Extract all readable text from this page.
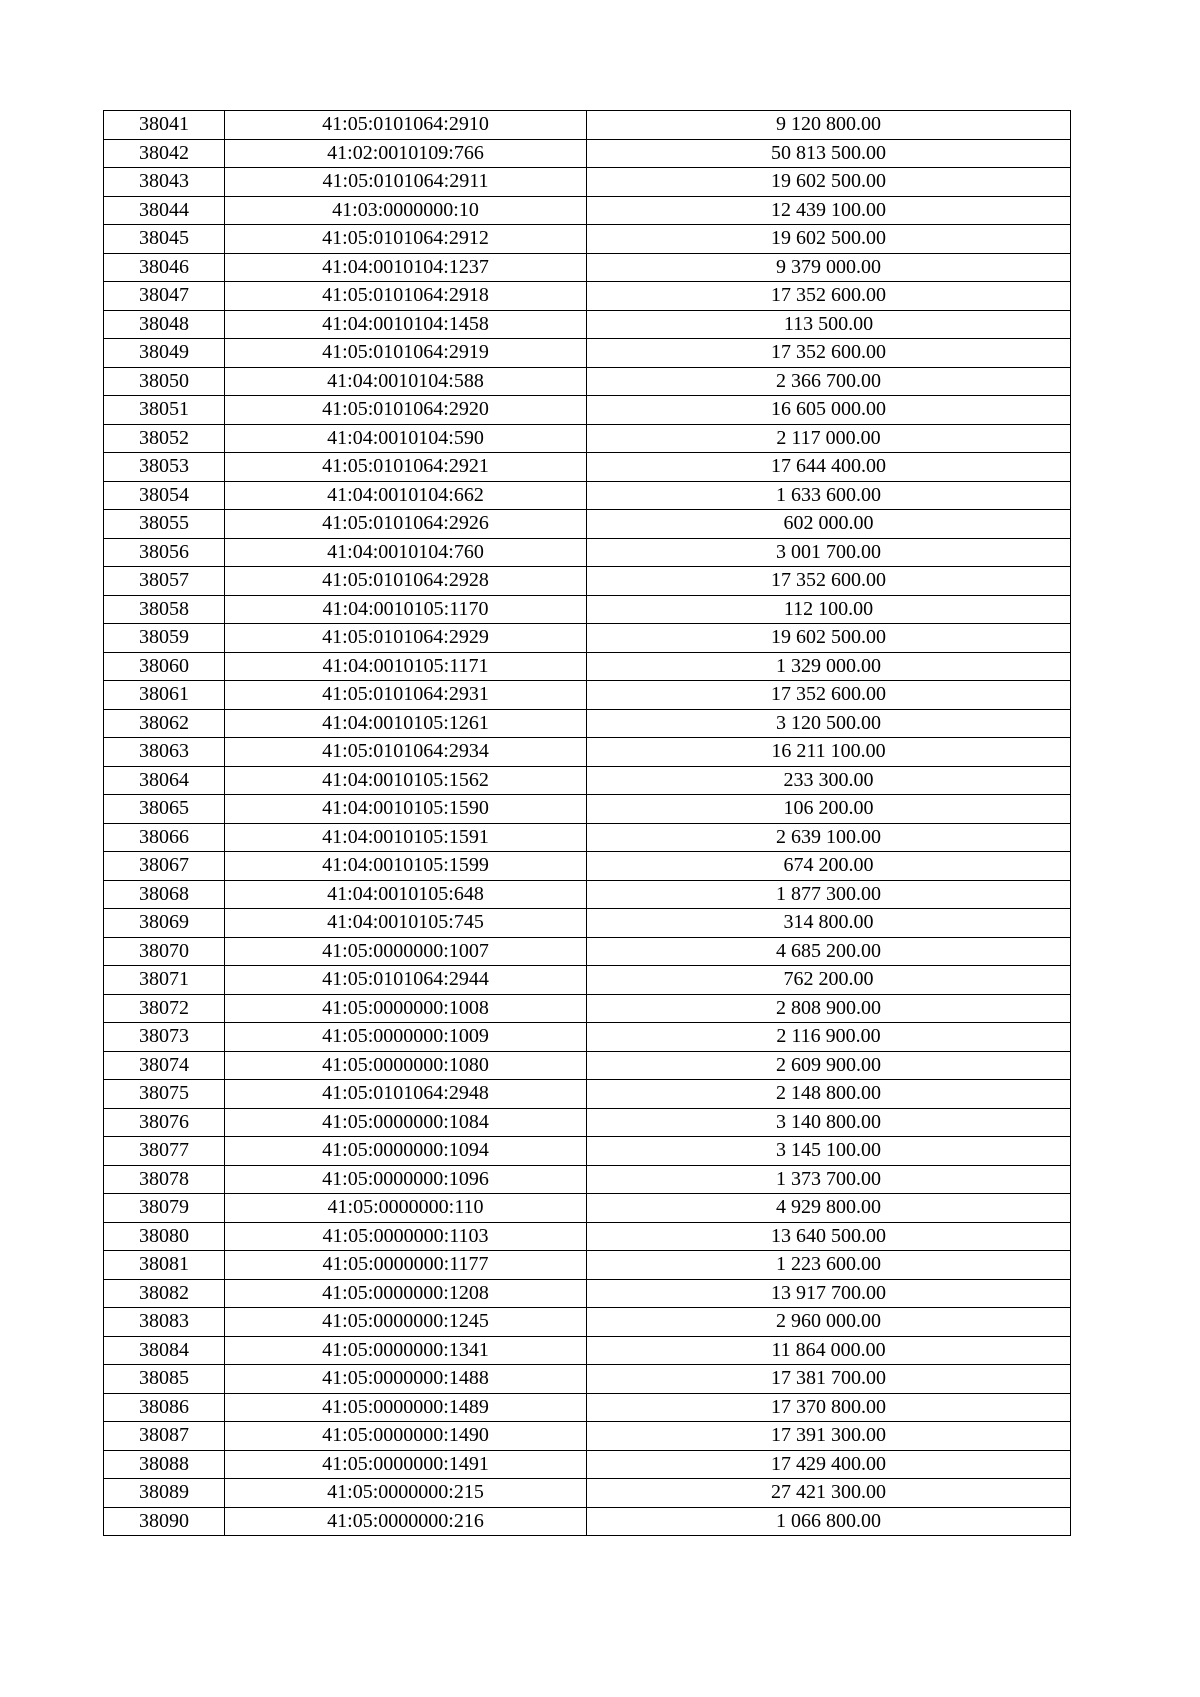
38041	41:05:0101064:2910	9 120 800.00
38042	41:02:0010109:766	50 813 500.00
38043	41:05:0101064:2911	19 602 500.00
38044	41:03:0000000:10	12 439 100.00
38045	41:05:0101064:2912	19 602 500.00
38046	41:04:0010104:1237	9 379 000.00
38047	41:05:0101064:2918	17 352 600.00
38048	41:04:0010104:1458	113 500.00
38049	41:05:0101064:2919	17 352 600.00
38050	41:04:0010104:588	2 366 700.00
38051	41:05:0101064:2920	16 605 000.00
38052	41:04:0010104:590	2 117 000.00
38053	41:05:0101064:2921	17 644 400.00
38054	41:04:0010104:662	1 633 600.00
38055	41:05:0101064:2926	602 000.00
38056	41:04:0010104:760	3 001 700.00
38057	41:05:0101064:2928	17 352 600.00
38058	41:04:0010105:1170	112 100.00
38059	41:05:0101064:2929	19 602 500.00
38060	41:04:0010105:1171	1 329 000.00
38061	41:05:0101064:2931	17 352 600.00
38062	41:04:0010105:1261	3 120 500.00
38063	41:05:0101064:2934	16 211 100.00
38064	41:04:0010105:1562	233 300.00
38065	41:04:0010105:1590	106 200.00
38066	41:04:0010105:1591	2 639 100.00
38067	41:04:0010105:1599	674 200.00
38068	41:04:0010105:648	1 877 300.00
38069	41:04:0010105:745	314 800.00
38070	41:05:0000000:1007	4 685 200.00
38071	41:05:0101064:2944	762 200.00
38072	41:05:0000000:1008	2 808 900.00
38073	41:05:0000000:1009	2 116 900.00
38074	41:05:0000000:1080	2 609 900.00
38075	41:05:0101064:2948	2 148 800.00
38076	41:05:0000000:1084	3 140 800.00
38077	41:05:0000000:1094	3 145 100.00
38078	41:05:0000000:1096	1 373 700.00
38079	41:05:0000000:110	4 929 800.00
38080	41:05:0000000:1103	13 640 500.00
38081	41:05:0000000:1177	1 223 600.00
38082	41:05:0000000:1208	13 917 700.00
38083	41:05:0000000:1245	2 960 000.00
38084	41:05:0000000:1341	11 864 000.00
38085	41:05:0000000:1488	17 381 700.00
38086	41:05:0000000:1489	17 370 800.00
38087	41:05:0000000:1490	17 391 300.00
38088	41:05:0000000:1491	17 429 400.00
38089	41:05:0000000:215	27 421 300.00
38090	41:05:0000000:216	1 066 800.00
